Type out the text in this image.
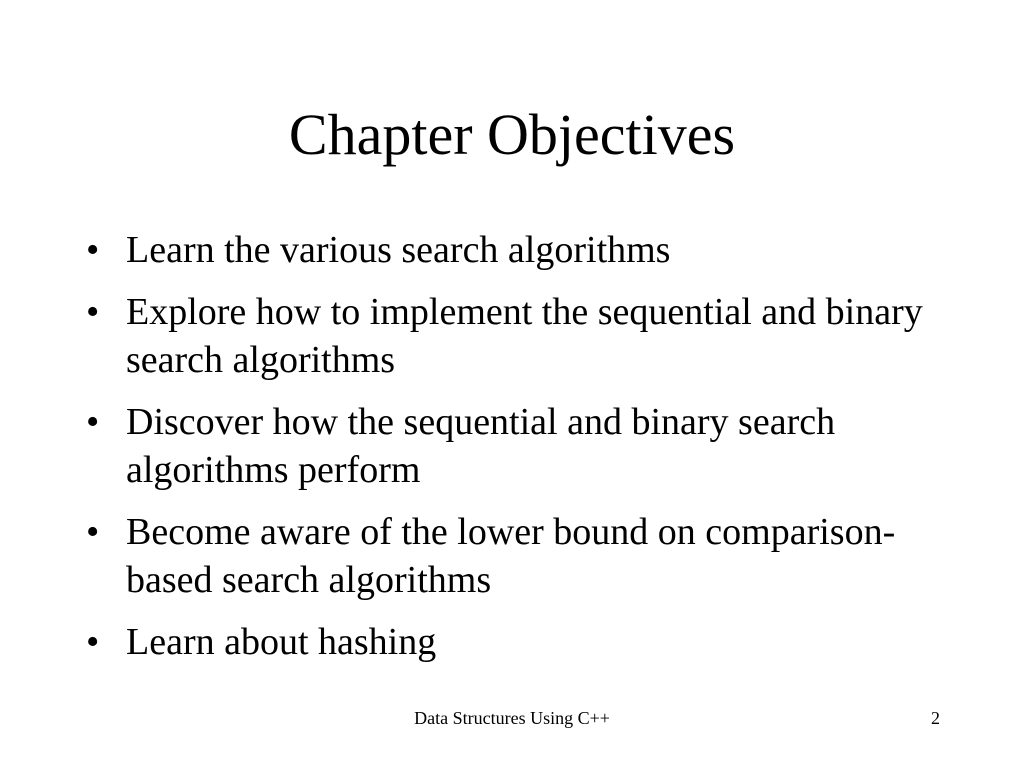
Chapter Objectives
• Learn the various search algorithms
• Explore how to implement the sequential and binary search algorithms
• Discover how the sequential and binary search algorithms perform
• Become aware of the lower bound on comparison-based search algorithms
• Learn about hashing
Data Structures Using C++	2
